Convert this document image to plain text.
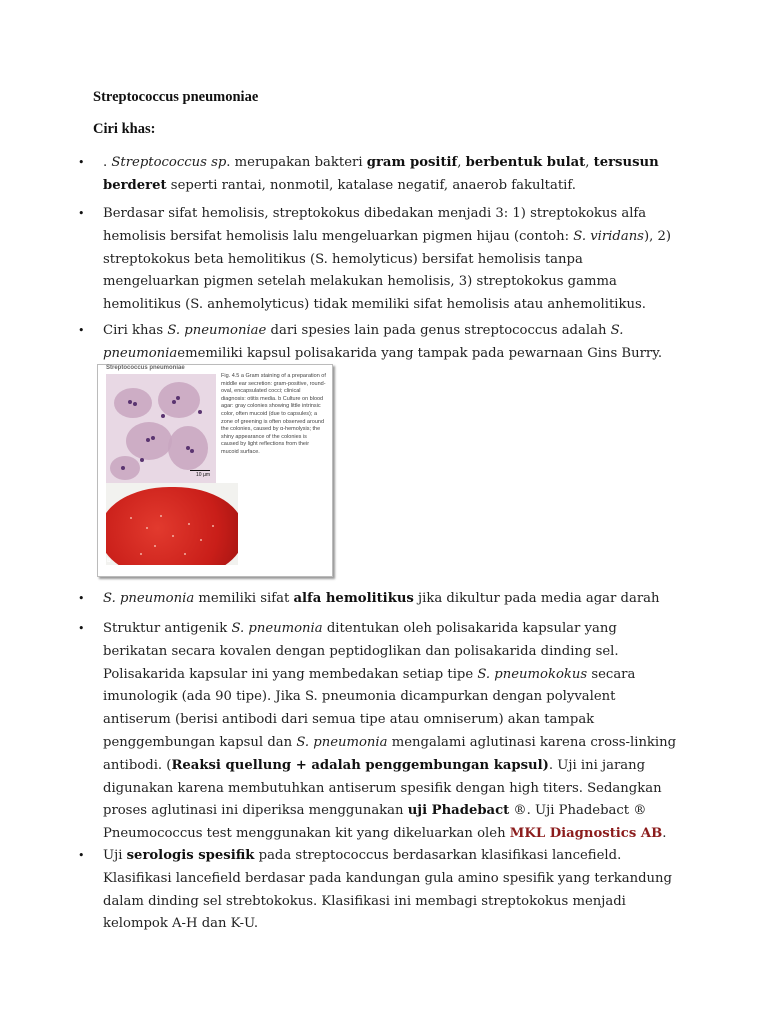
Streptococcus pneumoniae
Ciri khas:
• . Streptococcus sp. merupakan bakteri gram positif, berbentuk bulat, tersusun berderet seperti rantai, nonmotil, katalase negatif, anaerob fakultatif.
• Berdasar sifat hemolisis, streptokokus dibedakan menjadi 3: 1) streptokokus alfa hemolisis bersifat hemolisis lalu mengeluarkan pigmen hijau (contoh: S. viridans), 2) streptokokus beta hemolitikus (S. hemolyticus) bersifat hemolisis tanpa mengeluarkan pigmen setelah melakukan hemolisis, 3) streptokokus gamma hemolitikus (S. anhemolyticus) tidak memiliki sifat hemolisis atau anhemolitikus.
• Ciri khas S. pneumoniae dari spesies lain pada genus streptococcus adalah S. pneumoniaememiliki kapsul polisakarida yang tampak pada pewarnaan Gins Burry.
Streptococcus pneumoniae
10 µm
Fig. 4.5 a Gram staining of a preparation of middle ear secretion: gram-positive, round-oval, encapsulated cocci; clinical diagnosis: otitis media. b Culture on blood agar: gray colonies showing little intrinsic color, often mucoid (due to capsules); a zone of greening is often observed around the colonies, caused by α-hemolysis; the shiny appearance of the colonies is caused by light reflections from their mucoid surface.
b
• S. pneumonia memiliki sifat alfa hemolitikus jika dikultur pada media agar darah
• Struktur antigenik S. pneumonia ditentukan oleh polisakarida kapsular yang berikatan secara kovalen dengan peptidoglikan dan polisakarida dinding sel. Polisakarida kapsular ini yang membedakan setiap tipe S. pneumokokus secara imunologik (ada 90 tipe). Jika S. pneumonia dicampurkan dengan polyvalent antiserum (berisi antibodi dari semua tipe atau omniserum) akan tampak penggembungan kapsul dan S. pneumonia mengalami aglutinasi karena cross-linking antibodi. (Reaksi quellung + adalah penggembungan kapsul). Uji ini jarang digunakan karena membutuhkan antiserum spesifik dengan high titers. Sedangkan proses aglutinasi ini diperiksa menggunakan uji Phadebact ®. Uji Phadebact ® Pneumococcus test menggunakan kit yang dikeluarkan oleh MKL Diagnostics AB.
• Uji serologis spesifik pada streptococcus berdasarkan klasifikasi lancefield. Klasifikasi lancefield berdasar pada kandungan gula amino spesifik yang terkandung dalam dinding sel strebtokokus. Klasifikasi ini membagi streptokokus menjadi kelompok A-H dan K-U.
